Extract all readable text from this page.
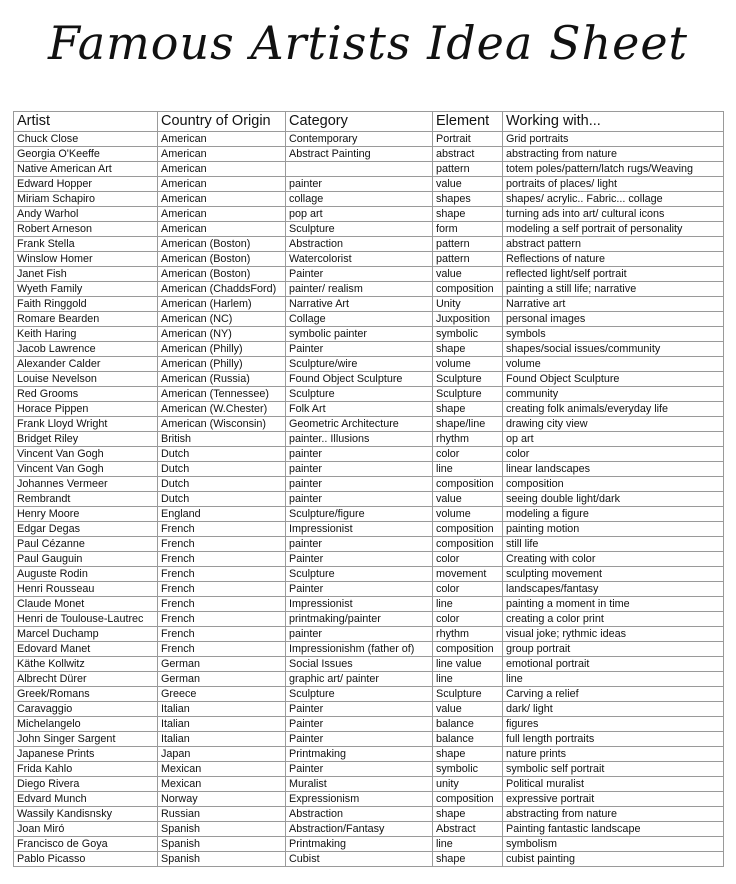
Famous Artists Idea Sheet
Artist	Country of Origin	Category	Element	Working with...
Chuck Close	American	Contemporary	Portrait	Grid portraits
Georgia O'Keeffe	American	Abstract Painting	abstract	abstracting from nature
Native American Art	American		pattern	totem poles/pattern/latch rugs/Weaving
Edward Hopper	American	painter	value	portraits of places/ light
Miriam Schapiro	American	collage	shapes	shapes/ acrylic.. Fabric... collage
Andy Warhol	American	pop art	shape	turning ads into art/ cultural icons
Robert Arneson	American	Sculpture	form	modeling a self portrait of personality
Frank Stella	American (Boston)	Abstraction	pattern	abstract pattern
Winslow Homer	American (Boston)	Watercolorist	pattern	Reflections of nature
Janet Fish	American (Boston)	Painter	value	reflected light/self portrait
Wyeth Family	American (ChaddsFord)	painter/ realism	composition	painting a still life; narrative
Faith Ringgold	American (Harlem)	Narrative Art	Unity	Narrative art
Romare Bearden	American (NC)	Collage	Juxposition	personal images
Keith Haring	American (NY)	symbolic painter	symbolic	symbols
Jacob Lawrence	American (Philly)	Painter	shape	shapes/social issues/community
Alexander Calder	American (Philly)	Sculpture/wire	volume	volume
Louise Nevelson	American (Russia)	Found Object Sculpture	Sculpture	Found Object Sculpture
Red Grooms	American (Tennessee)	Sculpture	Sculpture	community
Horace Pippen	American (W.Chester)	Folk Art	shape	creating folk animals/everyday life
Frank Lloyd Wright	American (Wisconsin)	Geometric Architecture	shape/line	drawing city view
Bridget Riley	British	painter.. Illusions	rhythm	op art
Vincent Van Gogh	Dutch	painter	color	color
Vincent Van Gogh	Dutch	painter	line	linear landscapes
Johannes Vermeer	Dutch	painter	composition	composition
Rembrandt	Dutch	painter	value	seeing double light/dark
Henry Moore	England	Sculpture/figure	volume	modeling a figure
Edgar Degas	French	Impressionist	composition	painting motion
Paul Cézanne	French	painter	composition	still life
Paul Gauguin	French	Painter	color	Creating with color
Auguste Rodin	French	Sculpture	movement	sculpting movement
Henri Rousseau	French	Painter	color	landscapes/fantasy
Claude Monet	French	Impressionist	line	painting a moment in time
Henri de Toulouse-Lautrec	French	printmaking/painter	color	creating a color print
Marcel Duchamp	French	painter	rhythm	visual joke; rythmic ideas
Edovard Manet	French	Impressionishm (father of)	composition	group portrait
Käthe Kollwitz	German	Social Issues	line value	emotional portrait
Albrecht Dürer	German	graphic art/ painter	line	line
Greek/Romans	Greece	Sculpture	Sculpture	Carving a relief
Caravaggio	Italian	Painter	value	dark/ light
Michelangelo	Italian	Painter	balance	figures
John Singer Sargent	Italian	Painter	balance	full length portraits
Japanese Prints	Japan	Printmaking	shape	nature prints
Frida Kahlo	Mexican	Painter	symbolic	symbolic self portrait
Diego Rivera	Mexican	Muralist	unity	Political muralist
Edvard Munch	Norway	Expressionism	composition	expressive portrait
Wassily Kandisnsky	Russian	Abstraction	shape	abstracting from nature
Joan Miró	Spanish	Abstraction/Fantasy	Abstract	Painting fantastic landscape
Francisco de Goya	Spanish	Printmaking	line	symbolism
Pablo Picasso	Spanish	Cubist	shape	cubist painting
